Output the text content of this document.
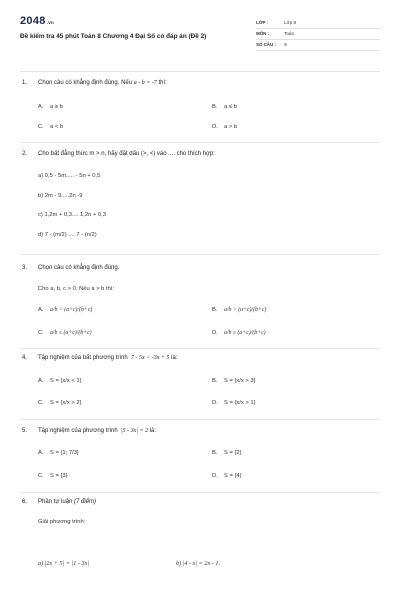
2048 .vn
Đề kiểm tra 45 phút Toán 8 Chương 4 Đại Số có đáp án (Đề 2)
LỚP :	Lớp 8
MÔN :	Toán
SỐ CÂU :	9
1.	Chọn câu có khẳng định đúng. Nếu a - b = -7 thì:
A.	a ≥ b	B.	a ≤ b
C.	a < b	D.	a > b
2.	Cho bất đẳng thức m > n, hãy đặt dấu (>, <) vào .... cho thích hợp:
a) 0,5 - 5m..... - 5n + 0,5
b) 2m - 9.....2n -9
c) 1,2m + 0,3.... 1,2n + 0,3
d) 7 - (m/2) .... 7 - (n/2)
3.	Chọn câu có khẳng định đúng.
Cho a, b, c > 0. Nếu a > b thì:
A.	a/b < (a+c)/(b+c)	B.	a/b > (a+c)/(b+c)
C.	a/b ≤ (a+c)/(b+c)	D.	a/b ≥ (a+c)/(b+c)
4.	Tập nghiệm của bất phương trình 7 - 5x < -3x + 5 là:
A.	S = {x/x < 1}	B.	S = {x/x > 3}
C.	S = {x/x > 2}	D.	S = {x/x > 1}
5.	Tập nghiệm của phương trình |5 - 3x| = 2 là:
A.	S = {1; 7/3}	B.	S = {2}
C.	S = {3}	D.	S = {4}
6.	Phần tự luận (7 điểm)
Giải phương trình:
a) |2x + 5| = |1 - 3x|	b) |4 - x| = 2x - 1.
